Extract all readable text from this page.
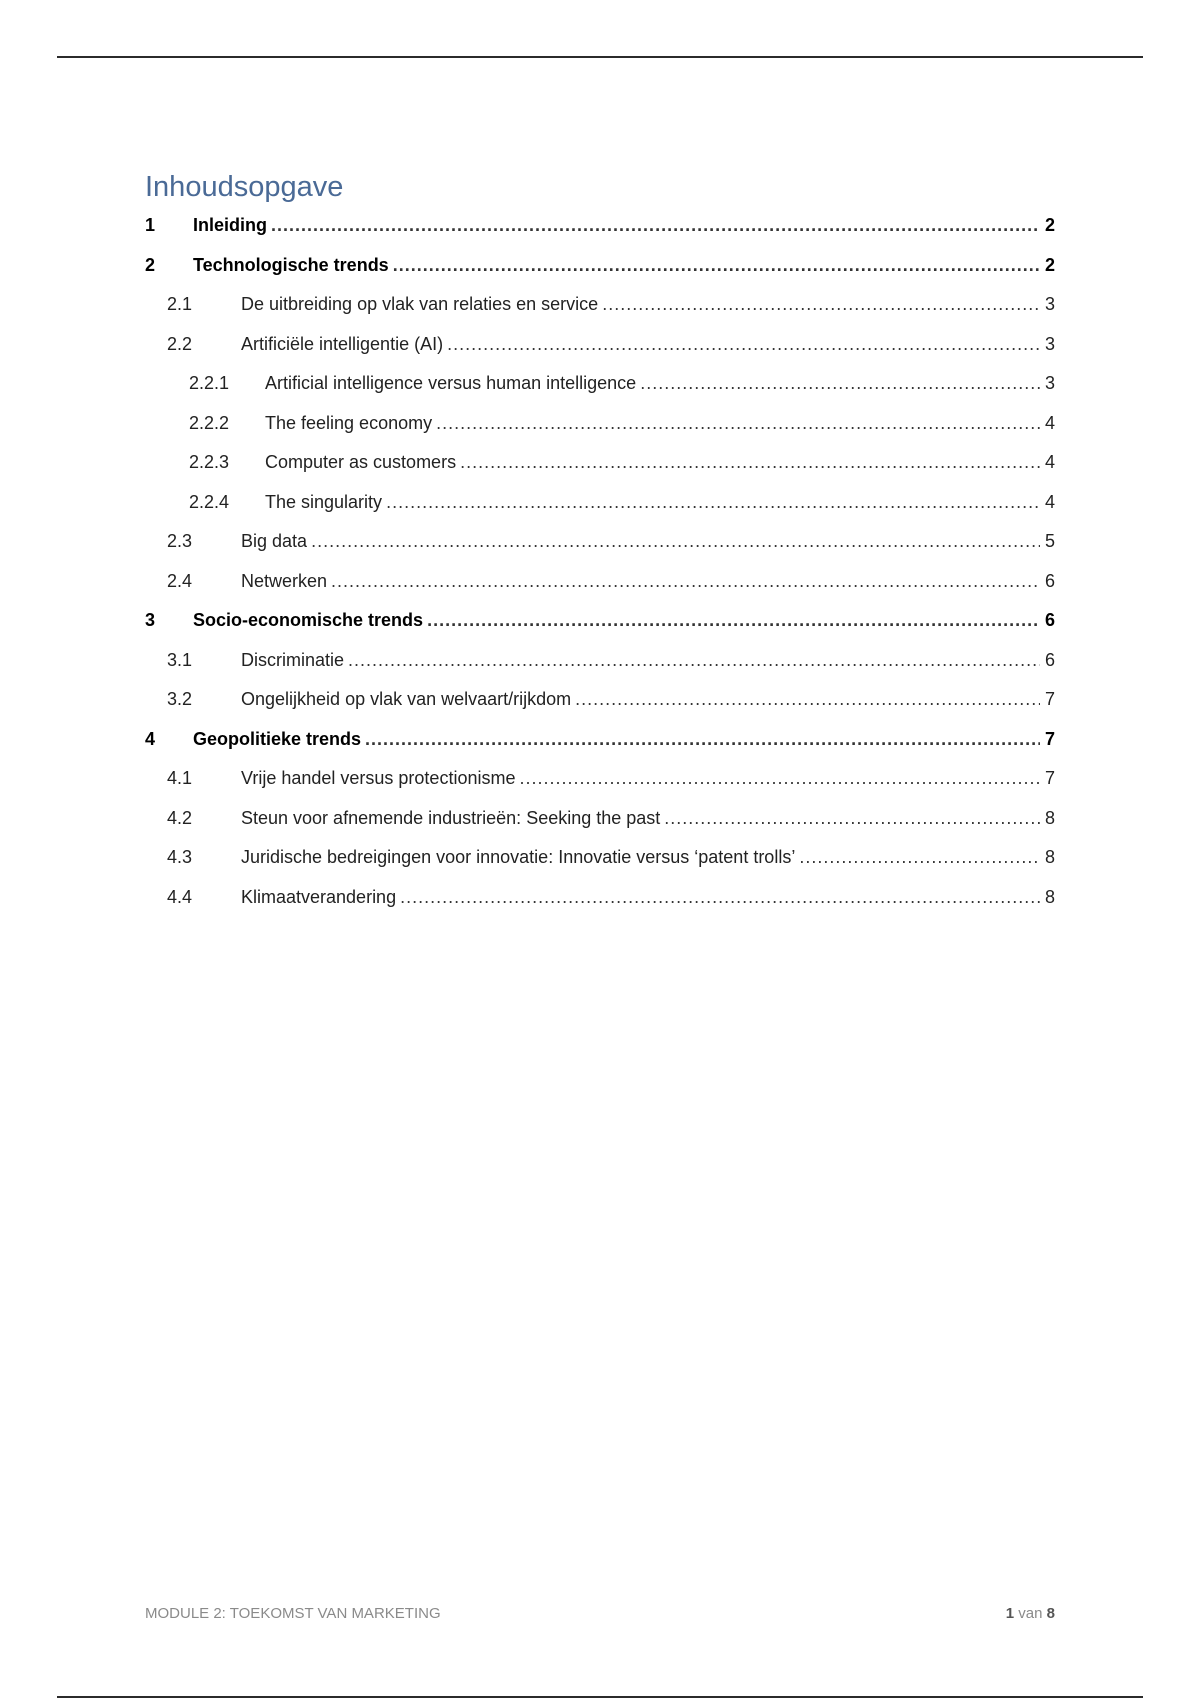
Inhoudsopgave
1	Inleiding .....	2
2	Technologische trends .....	2
2.1	De uitbreiding op vlak van relaties en service .....	3
2.2	Artificiële intelligentie (AI) .....	3
2.2.1	Artificial intelligence versus human intelligence .....	3
2.2.2	The feeling economy .....	4
2.2.3	Computer as customers .....	4
2.2.4	The singularity .....	4
2.3	Big data .....	5
2.4	Netwerken .....	6
3	Socio-economische trends .....	6
3.1	Discriminatie .....	6
3.2	Ongelijkheid op vlak van welvaart/rijkdom .....	7
4	Geopolitieke trends .....	7
4.1	Vrije handel versus protectionisme .....	7
4.2	Steun voor afnemende industrieën: Seeking the past .....	8
4.3	Juridische bedreigingen voor innovatie: Innovatie versus ‘patent trolls’ .....	8
4.4	Klimaatverandering .....	8
MODULE 2: TOEKOMST VAN MARKETING	1 van 8
